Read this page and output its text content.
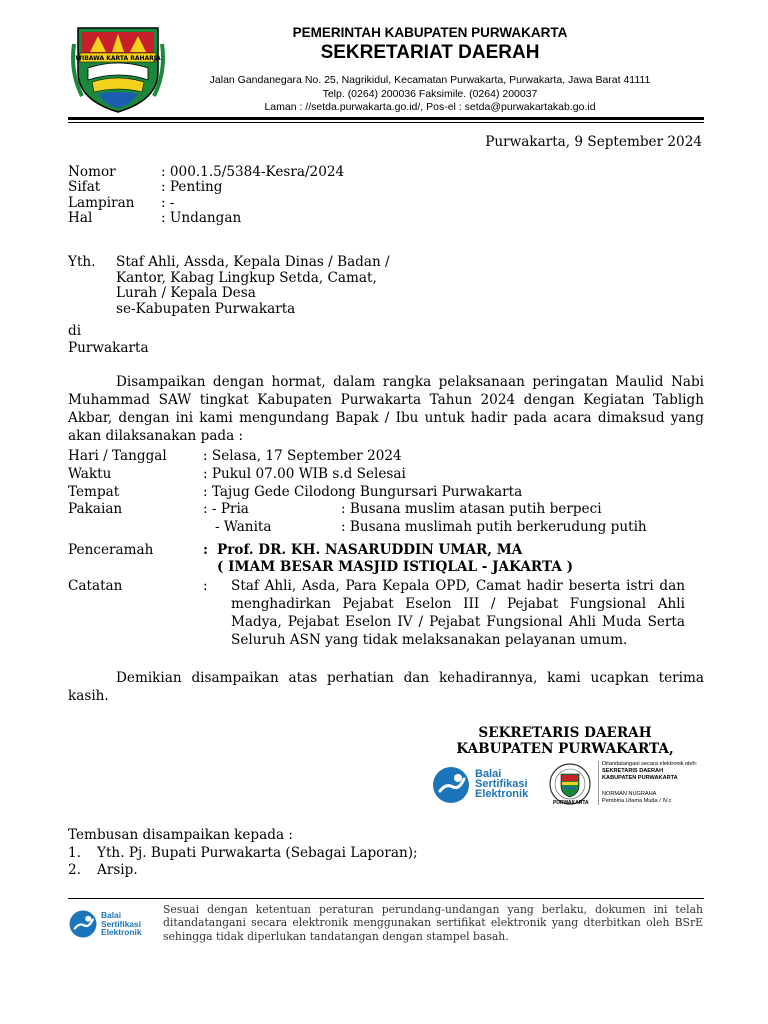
WIBAWA KARTA RAHARJA
PEMERINTAH KABUPATEN PURWAKARTA
SEKRETARIAT DAERAH
Jalan Gandanegara No. 25, Nagrikidul, Kecamatan Purwakarta, Purwakarta, Jawa Barat 41111
Telp. (0264) 200036 Faksimile. (0264) 200037
Laman : //setda.purwakarta.go.id/, Pos-el : setda@purwakartakab.go.id
Purwakarta, 9 September 2024
Nomor	: 000.1.5/5384-Kesra/2024
Sifat	: Penting
Lampiran : -
Hal	: Undangan
Yth. Staf Ahli, Assda, Kepala Dinas / Badan /
Kantor, Kabag Lingkup Setda, Camat,
Lurah / Kepala Desa
se-Kabupaten Purwakarta
di
Purwakarta
Disampaikan dengan hormat, dalam rangka pelaksanaan peringatan Maulid Nabi Muhammad SAW tingkat Kabupaten Purwakarta Tahun 2024 dengan Kegiatan Tabligh Akbar, dengan ini kami mengundang Bapak / Ibu untuk hadir pada acara dimaksud yang akan dilaksanakan pada :
Hari / Tanggal	: Selasa, 17 September 2024
Waktu	: Pukul 07.00 WIB s.d Selesai
Tempat	: Tajug Gede Cilodong Bungursari Purwakarta
Pakaian	: - Pria	: Busana muslim atasan putih berpeci
- Wanita	: Busana muslimah putih berkerudung putih
Penceramah	: Prof. DR. KH. NASARUDDIN UMAR, MA
( IMAM BESAR MASJID ISTIQLAL - JAKARTA )
Catatan	: Staf Ahli, Asda, Para Kepala OPD, Camat hadir beserta istri dan menghadirkan Pejabat Eselon III / Pejabat Fungsional Ahli Madya, Pejabat Eselon IV / Pejabat Fungsional Ahli Muda Serta Seluruh ASN yang tidak melaksanakan pelayanan umum.
Demikian disampaikan atas perhatian dan kehadirannya, kami ucapkan terima kasih.
SEKRETARIS DAERAH
KABUPATEN PURWAKARTA,
Balai
Sertifikasi
Elektronik
PURWAKARTA
Ditandatangani secara elektronik oleh:
SEKRETARIS DAERAH
KABUPATEN PURWAKARTA
NORMAN NUGRAHA
Pembina Utama Muda / IV.c
Tembusan disampaikan kepada :
1. Yth. Pj. Bupati Purwakarta (Sebagai Laporan);
2. Arsip.
Balai
Sertifikasi
Elektronik
Sesuai dengan ketentuan peraturan perundang-undangan yang berlaku, dokumen ini telah ditandatangani secara elektronik menggunakan sertifikat elektronik yang dterbitkan oleh BSrE sehingga tidak diperlukan tandatangan dengan stampel basah.
